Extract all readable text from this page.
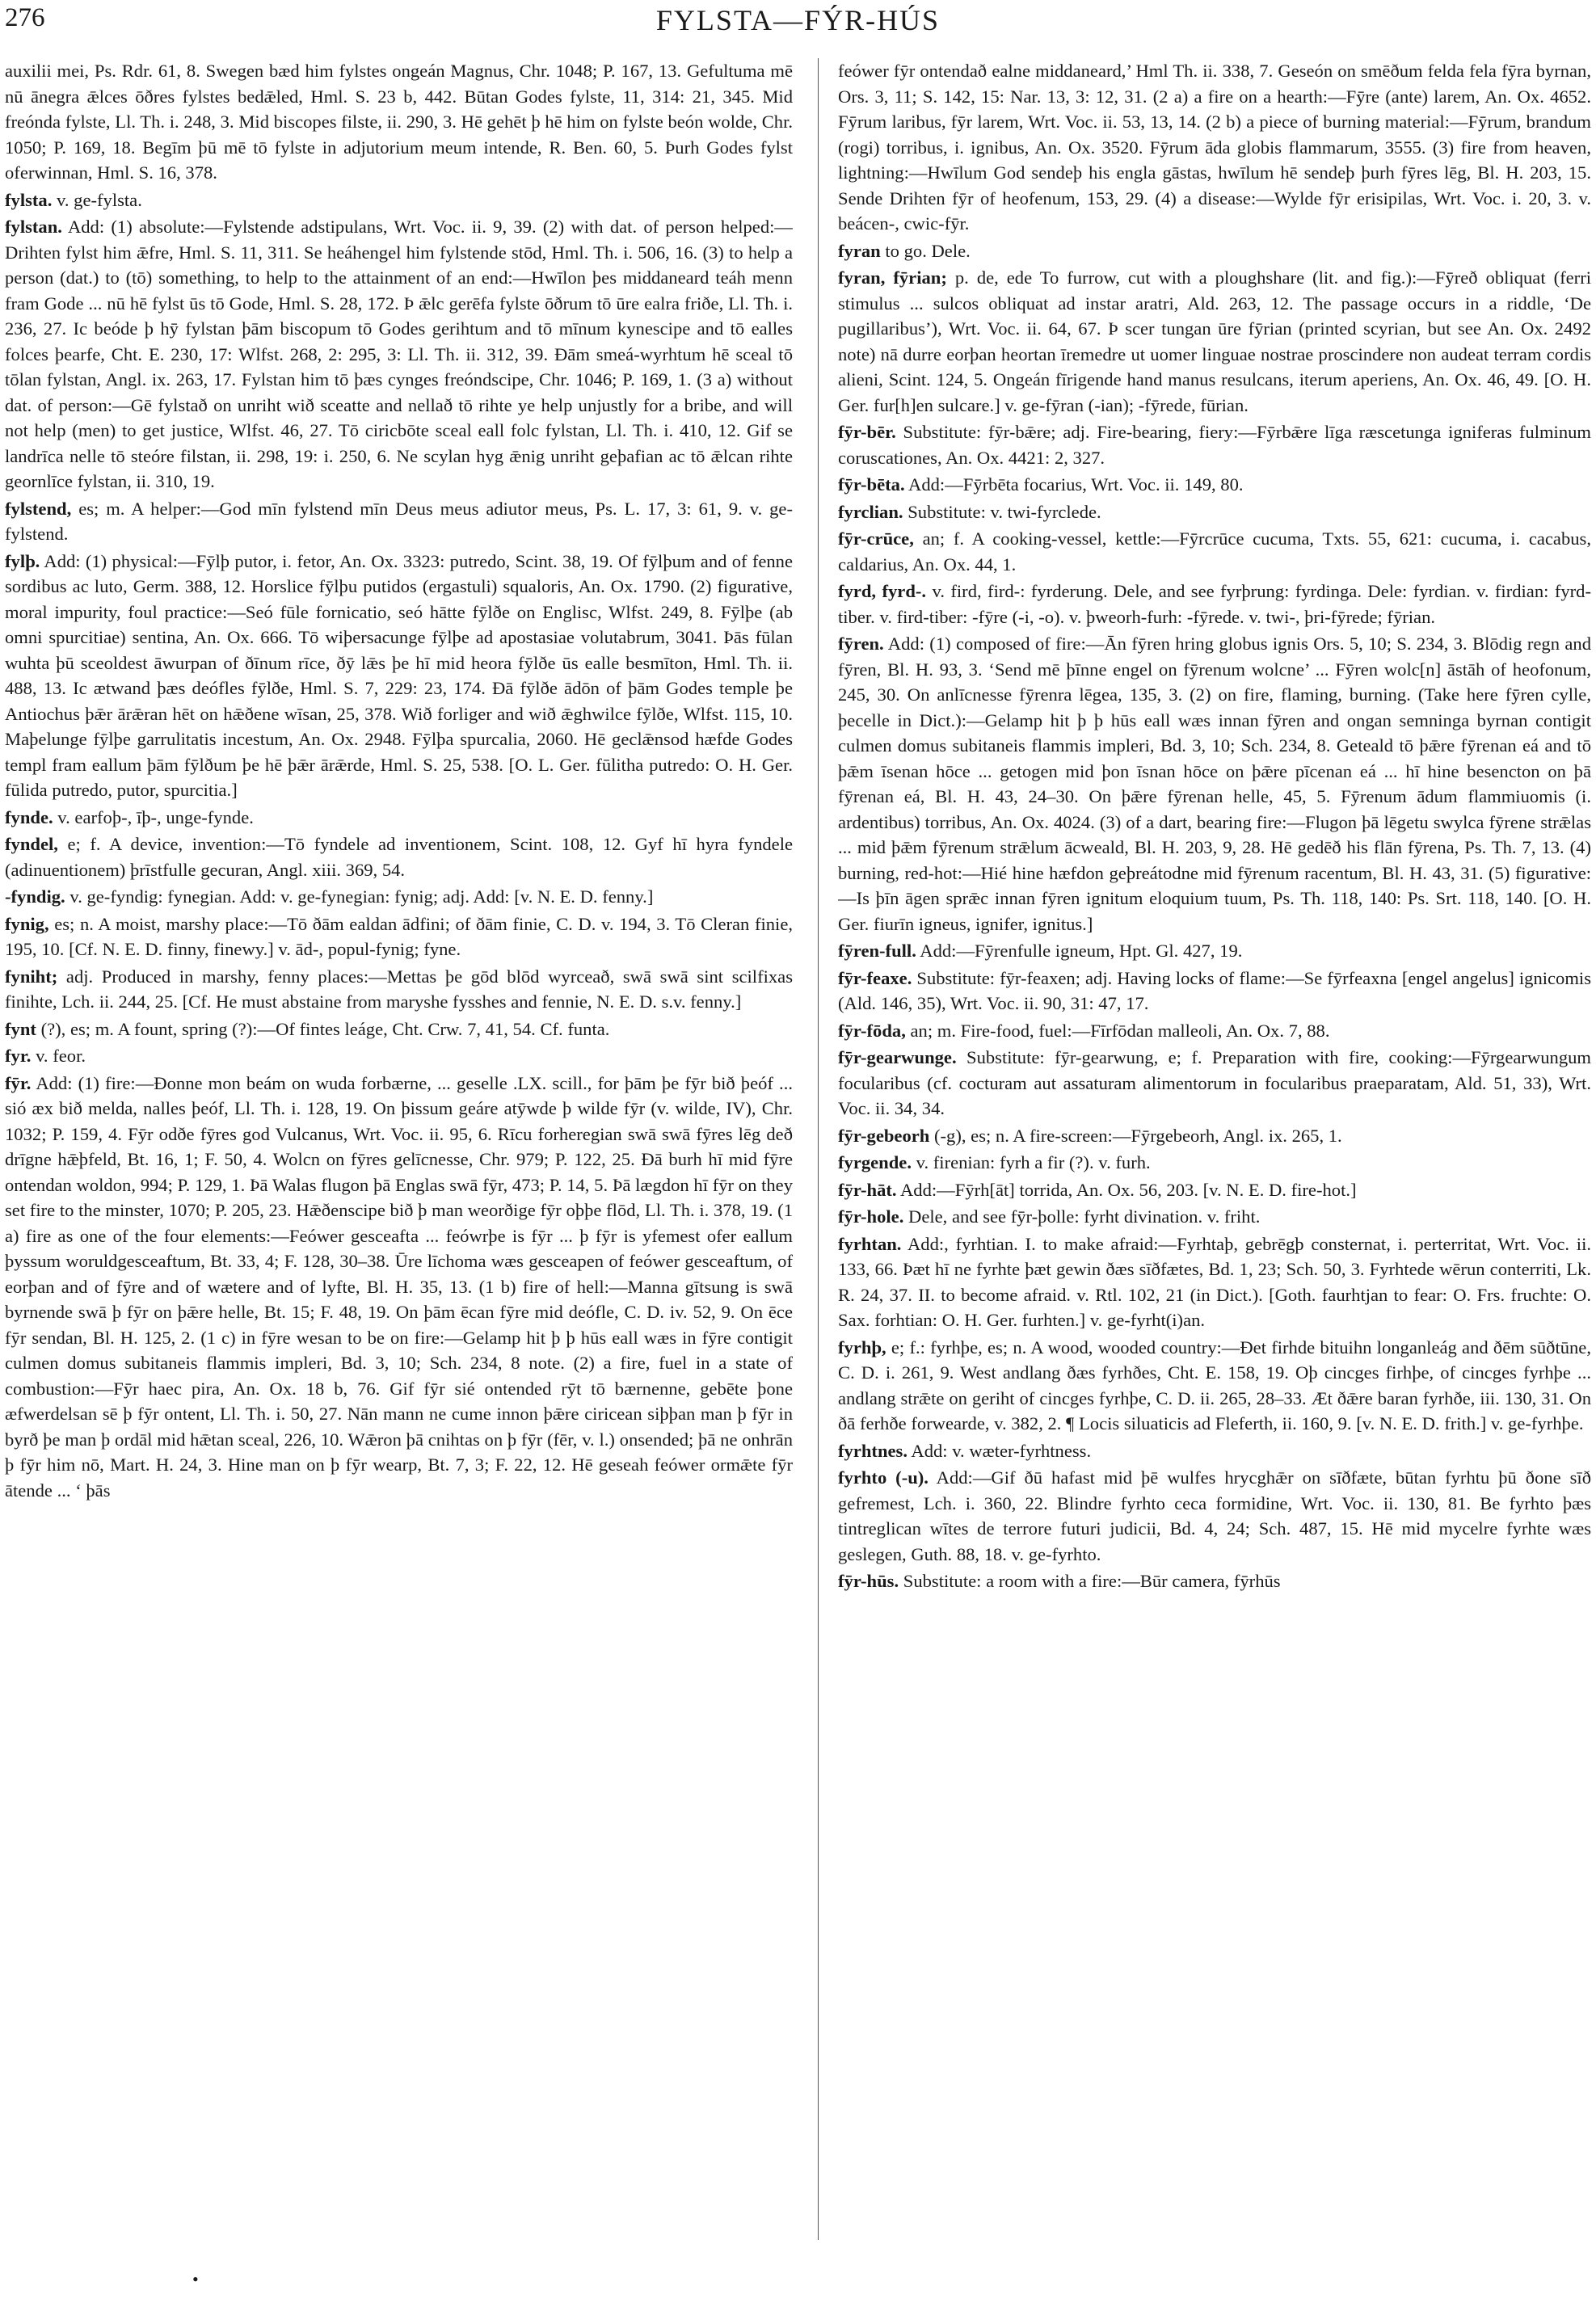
276	FYLSTA—FÝR-HÚS

auxilii mei, Ps. Rdr. 61, 8. Swegen bæd him fylstes ongeán Magnus, Chr. 1048; P. 167, 13. Gefultuma mē nū ānegra ǣlces ōðres fylstes bedǣled, Hml. S. 23 b, 442. Būtan Godes fylste, 11, 314: 21, 345. Mid freónda fylste, Ll. Th. i. 248, 3. Mid biscopes filste, ii. 290, 3. Hē gehēt þ hē him on fylste beón wolde, Chr. 1050; P. 169, 18. Begīm þū mē tō fylste in adjutorium meum intende, R. Ben. 60, 5. Þurh Godes fylst oferwinnan, Hml. S. 16, 378.

fylsta. v. ge-fylsta.

fylstan. Add: (1) absolute:—Fylstende adstipulans, Wrt. Voc. ii. 9, 39. (2) with dat. of person helped:—Drihten fylst him ǣfre, Hml. S. 11, 311. Se heáhengel him fylstende stōd, Hml. Th. i. 506, 16. (3) to help a person (dat.) to (tō) something, to help to the attainment of an end:—Hwīlon þes middaneard teáh menn fram Gode ... nū hē fylst ūs tō Gode, Hml. S. 28, 172. Þ ǣlc gerēfa fylste ōðrum tō ūre ealra friðe, Ll. Th. i. 236, 27. Ic beóde þ hȳ fylstan þām biscopum tō Godes gerihtum and tō mīnum kynescipe and tō ealles folces þearfe, Cht. E. 230, 17: Wlfst. 268, 2: 295, 3: Ll. Th. ii. 312, 39. Ðām smeá-wyrhtum hē sceal tō tōlan fylstan, Angl. ix. 263, 17. Fylstan him tō þæs cynges freóndscipe, Chr. 1046; P. 169, 1. (3 a) without dat. of person:—Gē fylstað on unriht wið sceatte and nellað tō rihte ye help unjustly for a bribe, and will not help (men) to get justice, Wlfst. 46, 27. Tō ciricbōte sceal eall folc fylstan, Ll. Th. i. 410, 12. Gif se landrīca nelle tō steóre filstan, ii. 298, 19: i. 250, 6. Ne scylan hyg ǣnig unriht geþafian ac tō ǣlcan rihte geornlīce fylstan, ii. 310, 19.

fylstend, es; m. A helper:—God mīn fylstend mīn Deus meus adiutor meus, Ps. L. 17, 3: 61, 9. v. ge-fylstend.

fylþ. Add: (1) physical:—Fȳlþ putor, i. fetor, An. Ox. 3323: putredo, Scint. 38, 19. Of fȳlþum and of fenne sordibus ac luto, Germ. 388, 12. Horslice fȳlþu putidos (ergastuli) squaloris, An. Ox. 1790. (2) figurative, moral impurity, foul practice:—Seó fūle fornicatio, seó hātte fȳlðe on Englisc, Wlfst. 249, 8. Fȳlþe (ab omni spurcitiae) sentina, An. Ox. 666. Tō wiþersacunge fȳlþe ad apostasiae volutabrum, 3041. Þās fūlan wuhta þū sceoldest āwurpan of ðīnum rīce, ðȳ lǣs þe hī mid heora fȳlðe ūs ealle besmīton, Hml. Th. ii. 488, 13. Ic ætwand þæs deófles fȳlðe, Hml. S. 7, 229: 23, 174. Ðā fȳlðe ādōn of þām Godes temple þe Antiochus þǣr ārǣran hēt on hǣðene wīsan, 25, 378. Wið forliger and wið ǣghwilce fȳlðe, Wlfst. 115, 10. Maþelunge fȳlþe garrulitatis incestum, An. Ox. 2948. Fȳlþa spurcalia, 2060. Hē geclǣnsod hæfde Godes templ fram eallum þām fȳlðum þe hē þǣr ārǣrde, Hml. S. 25, 538. [O. L. Ger. fūlitha putredo: O. H. Ger. fūlida putredo, putor, spurcitia.]

fynde. v. earfoþ-, īþ-, unge-fynde.

fyndel, e; f. A device, invention:—Tō fyndele ad inventionem, Scint. 108, 12. Gyf hī hyra fyndele (adinuentionem) þrīstfulle gecuran, Angl. xiii. 369, 54.

-fyndig. v. ge-fyndig: fynegian. Add: v. ge-fynegian: fynig; adj. Add: [v. N. E. D. fenny.]

fynig, es; n. A moist, marshy place:—Tō ðām ealdan ādfini; of ðām finie, C. D. v. 194, 3. Tō Cleran finie, 195, 10. [Cf. N. E. D. finny, finewy.] v. ād-, popul-fynig; fyne.

fyniht; adj. Produced in marshy, fenny places:—Mettas þe gōd blōd wyrceað, swā swā sint scilfixas finihte, Lch. ii. 244, 25. [Cf. He must abstaine from maryshe fysshes and fennie, N. E. D. s.v. fenny.]

fynt (?), es; m. A fount, spring (?):—Of fintes leáge, Cht. Crw. 7, 41, 54. Cf. funta.

fyr. v. feor.

fȳr. Add: (1) fire:—Ðonne mon beám on wuda forbærne, ... geselle .LX. scill., for þām þe fȳr bið þeóf ... sió æx bið melda, nalles þeóf, Ll. Th. i. 128, 19. On þissum geáre atȳwde þ wilde fȳr (v. wilde, IV), Chr. 1032; P. 159, 4. Fȳr odðe fȳres god Vulcanus, Wrt. Voc. ii. 95, 6. Rīcu forheregian swā swā fȳres lēg deð drīgne hǣþfeld, Bt. 16, 1; F. 50, 4. Wolcn on fȳres gelīcnesse, Chr. 979; P. 122, 25. Ðā burh hī mid fȳre ontendan woldon, 994; P. 129, 1. Þā Walas flugon þā Englas swā fȳr, 473; P. 14, 5. Þā lægdon hī fȳr on they set fire to the minster, 1070; P. 205, 23. Hǣðenscipe bið þ man weorðige fȳr oþþe flōd, Ll. Th. i. 378, 19. (1 a) fire as one of the four elements:—Feówer gesceafta ... feówrþe is fȳr ... þ fȳr is yfemest ofer eallum þyssum woruldgesceaftum, Bt. 33, 4; F. 128, 30–38. Ūre līchoma wæs gesceapen of feówer gesceaftum, of eorþan and of fȳre and of wætere and of lyfte, Bl. H. 35, 13. (1 b) fire of hell:—Manna gītsung is swā byrnende swā þ fȳr on þǣre helle, Bt. 15; F. 48, 19. On þām ēcan fȳre mid deófle, C. D. iv. 52, 9. On ēce fȳr sendan, Bl. H. 125, 2. (1 c) in fȳre wesan to be on fire:—Gelamp hit þ þ hūs eall wæs in fȳre contigit culmen domus subitaneis flammis impleri, Bd. 3, 10; Sch. 234, 8 note. (2) a fire, fuel in a state of combustion:—Fȳr haec pira, An. Ox. 18 b, 76. Gif fȳr sié ontended rȳt tō bærnenne, gebēte þone æfwerdelsan sē þ fȳr ontent, Ll. Th. i. 50, 27. Nān mann ne cume innon þǣre ciricean siþþan man þ fȳr in byrð þe man þ ordāl mid hǣtan sceal, 226, 10. Wǣron þā cnihtas on þ fȳr (fēr, v. l.) onsended; þā ne onhrān þ fȳr him nō, Mart. H. 24, 3. Hine man on þ fȳr wearp, Bt. 7, 3; F. 22, 12. Hē geseah feówer ormǣte fȳr ātende ... ‘ þās

feówer fȳr ontendað ealne middaneard,’ Hml Th. ii. 338, 7. Geseón on smēðum felda fela fȳra byrnan, Ors. 3, 11; S. 142, 15: Nar. 13, 3: 12, 31. (2 a) a fire on a hearth:—Fȳre (ante) larem, An. Ox. 4652. Fȳrum laribus, fȳr larem, Wrt. Voc. ii. 53, 13, 14. (2 b) a piece of burning material:—Fȳrum, brandum (rogi) torribus, i. ignibus, An. Ox. 3520. Fȳrum āda globis flammarum, 3555. (3) fire from heaven, lightning:—Hwīlum God sendeþ his engla gāstas, hwīlum hē sendeþ þurh fȳres lēg, Bl. H. 203, 15. Sende Drihten fȳr of heofenum, 153, 29. (4) a disease:—Wylde fȳr erisipilas, Wrt. Voc. i. 20, 3. v. beácen-, cwic-fȳr.

fyran to go. Dele.

fyran, fȳrian; p. de, ede To furrow, cut with a ploughshare (lit. and fig.):—Fȳreð obliquat (ferri stimulus ... sulcos obliquat ad instar aratri, Ald. 263, 12. The passage occurs in a riddle, ‘De pugillaribus’), Wrt. Voc. ii. 64, 67. Þ scer tungan ūre fȳrian (printed scyrian, but see An. Ox. 2492 note) nā durre eorþan heortan īremedre ut uomer linguae nostrae proscindere non audeat terram cordis alieni, Scint. 124, 5. Ongeán fīrigende hand manus resulcans, iterum aperiens, An. Ox. 46, 49. [O. H. Ger. fur[h]en sulcare.] v. ge-fȳran (-ian); -fȳrede, fūrian.

fȳr-bēr. Substitute: fȳr-bǣre; adj. Fire-bearing, fiery:—Fȳrbǣre līga ræscetunga igniferas fulminum coruscationes, An. Ox. 4421: 2, 327.

fȳr-bēta. Add:—Fȳrbēta focarius, Wrt. Voc. ii. 149, 80.

fyrclian. Substitute: v. twi-fyrclede.

fȳr-crūce, an; f. A cooking-vessel, kettle:—Fȳrcrūce cucuma, Txts. 55, 621: cucuma, i. cacabus, caldarius, An. Ox. 44, 1.

fyrd, fyrd-. v. fird, fird-: fyrderung. Dele, and see fyrþrung: fyrdinga. Dele: fyrdian. v. firdian: fyrd-tiber. v. fird-tiber: -fȳre (-i, -o). v. þweorh-furh: -fȳrede. v. twi-, þri-fȳrede; fȳrian.

fȳren. Add: (1) composed of fire:—Ān fȳren hring globus ignis Ors. 5, 10; S. 234, 3. Blōdig regn and fȳren, Bl. H. 93, 3. ‘Send mē þīnne engel on fȳrenum wolcne’ ... Fȳren wolc[n] āstāh of heofonum, 245, 30. On anlīcnesse fȳrenra lēgea, 135, 3. (2) on fire, flaming, burning. (Take here fȳren cylle, þecelle in Dict.):—Gelamp hit þ þ hūs eall wæs innan fȳren and ongan semninga byrnan contigit culmen domus subitaneis flammis impleri, Bd. 3, 10; Sch. 234, 8. Geteald tō þǣre fȳrenan eá and tō þǣm īsenan hōce ... getogen mid þon īsnan hōce on þǣre pīcenan eá ... hī hine besencton on þā fȳrenan eá, Bl. H. 43, 24–30. On þǣre fȳrenan helle, 45, 5. Fȳrenum ādum flammiuomis (i. ardentibus) torribus, An. Ox. 4024. (3) of a dart, bearing fire:—Flugon þā lēgetu swylca fȳrene strǣlas ... mid þǣm fȳrenum strǣlum ācweald, Bl. H. 203, 9, 28. Hē gedēð his flān fȳrena, Ps. Th. 7, 13. (4) burning, red-hot:—Hié hine hæfdon geþreátodne mid fȳrenum racentum, Bl. H. 43, 31. (5) figurative:—Is þīn āgen sprǣc innan fȳren ignitum eloquium tuum, Ps. Th. 118, 140: Ps. Srt. 118, 140. [O. H. Ger. fiurīn igneus, ignifer, ignitus.]

fȳren-full. Add:—Fȳrenfulle igneum, Hpt. Gl. 427, 19.

fȳr-feaxe. Substitute: fȳr-feaxen; adj. Having locks of flame:—Se fȳrfeaxna [engel angelus] ignicomis (Ald. 146, 35), Wrt. Voc. ii. 90, 31: 47, 17.

fȳr-fōda, an; m. Fire-food, fuel:—Fīrfōdan malleoli, An. Ox. 7, 88.

fȳr-gearwunge. Substitute: fȳr-gearwung, e; f. Preparation with fire, cooking:—Fȳrgearwungum focularibus (cf. cocturam aut assaturam alimentorum in focularibus praeparatam, Ald. 51, 33), Wrt. Voc. ii. 34, 34.

fȳr-gebeorh (-g), es; n. A fire-screen:—Fȳrgebeorh, Angl. ix. 265, 1.

fyrgende. v. firenian: fyrh a fir (?). v. furh.

fȳr-hāt. Add:—Fȳrh[āt] torrida, An. Ox. 56, 203. [v. N. E. D. fire-hot.]

fȳr-hole. Dele, and see fȳr-þolle: fyrht divination. v. friht.

fyrhtan. Add:, fyrhtian. I. to make afraid:—Fyrhtaþ, gebrēgþ consternat, i. perterritat, Wrt. Voc. ii. 133, 66. Þæt hī ne fyrhte þæt gewin ðæs sīðfætes, Bd. 1, 23; Sch. 50, 3. Fyrhtede wērun conterriti, Lk. R. 24, 37. II. to become afraid. v. Rtl. 102, 21 (in Dict.). [Goth. faurhtjan to fear: O. Frs. fruchte: O. Sax. forhtian: O. H. Ger. furhten.] v. ge-fyrht(i)an.

fyrhþ, e; f.: fyrhþe, es; n. A wood, wooded country:—Ðet firhde bituihn longanleág and ðēm sūðtūne, C. D. i. 261, 9. West andlang ðæs fyrhðes, Cht. E. 158, 19. Oþ cincges firhþe, of cincges fyrhþe ... andlang strǣte on geriht of cincges fyrhþe, C. D. ii. 265, 28–33. Æt ðǣre baran fyrhðe, iii. 130, 31. On ðā ferhðe forwearde, v. 382, 2. ¶ Locis siluaticis ad Fleferth, ii. 160, 9. [v. N. E. D. frith.] v. ge-fyrhþe.

fyrhtnes. Add: v. wæter-fyrhtness.

fyrhto (-u). Add:—Gif ðū hafast mid þē wulfes hrycghǣr on sīðfæte, būtan fyrhtu þū ðone sīð gefremest, Lch. i. 360, 22. Blindre fyrhto ceca formidine, Wrt. Voc. ii. 130, 81. Be fyrhto þæs tintreglican wītes de terrore futuri judicii, Bd. 4, 24; Sch. 487, 15. Hē mid mycelre fyrhte wæs geslegen, Guth. 88, 18. v. ge-fyrhto.

fȳr-hūs. Substitute: a room with a fire:—Būr camera, fȳrhūs

•
